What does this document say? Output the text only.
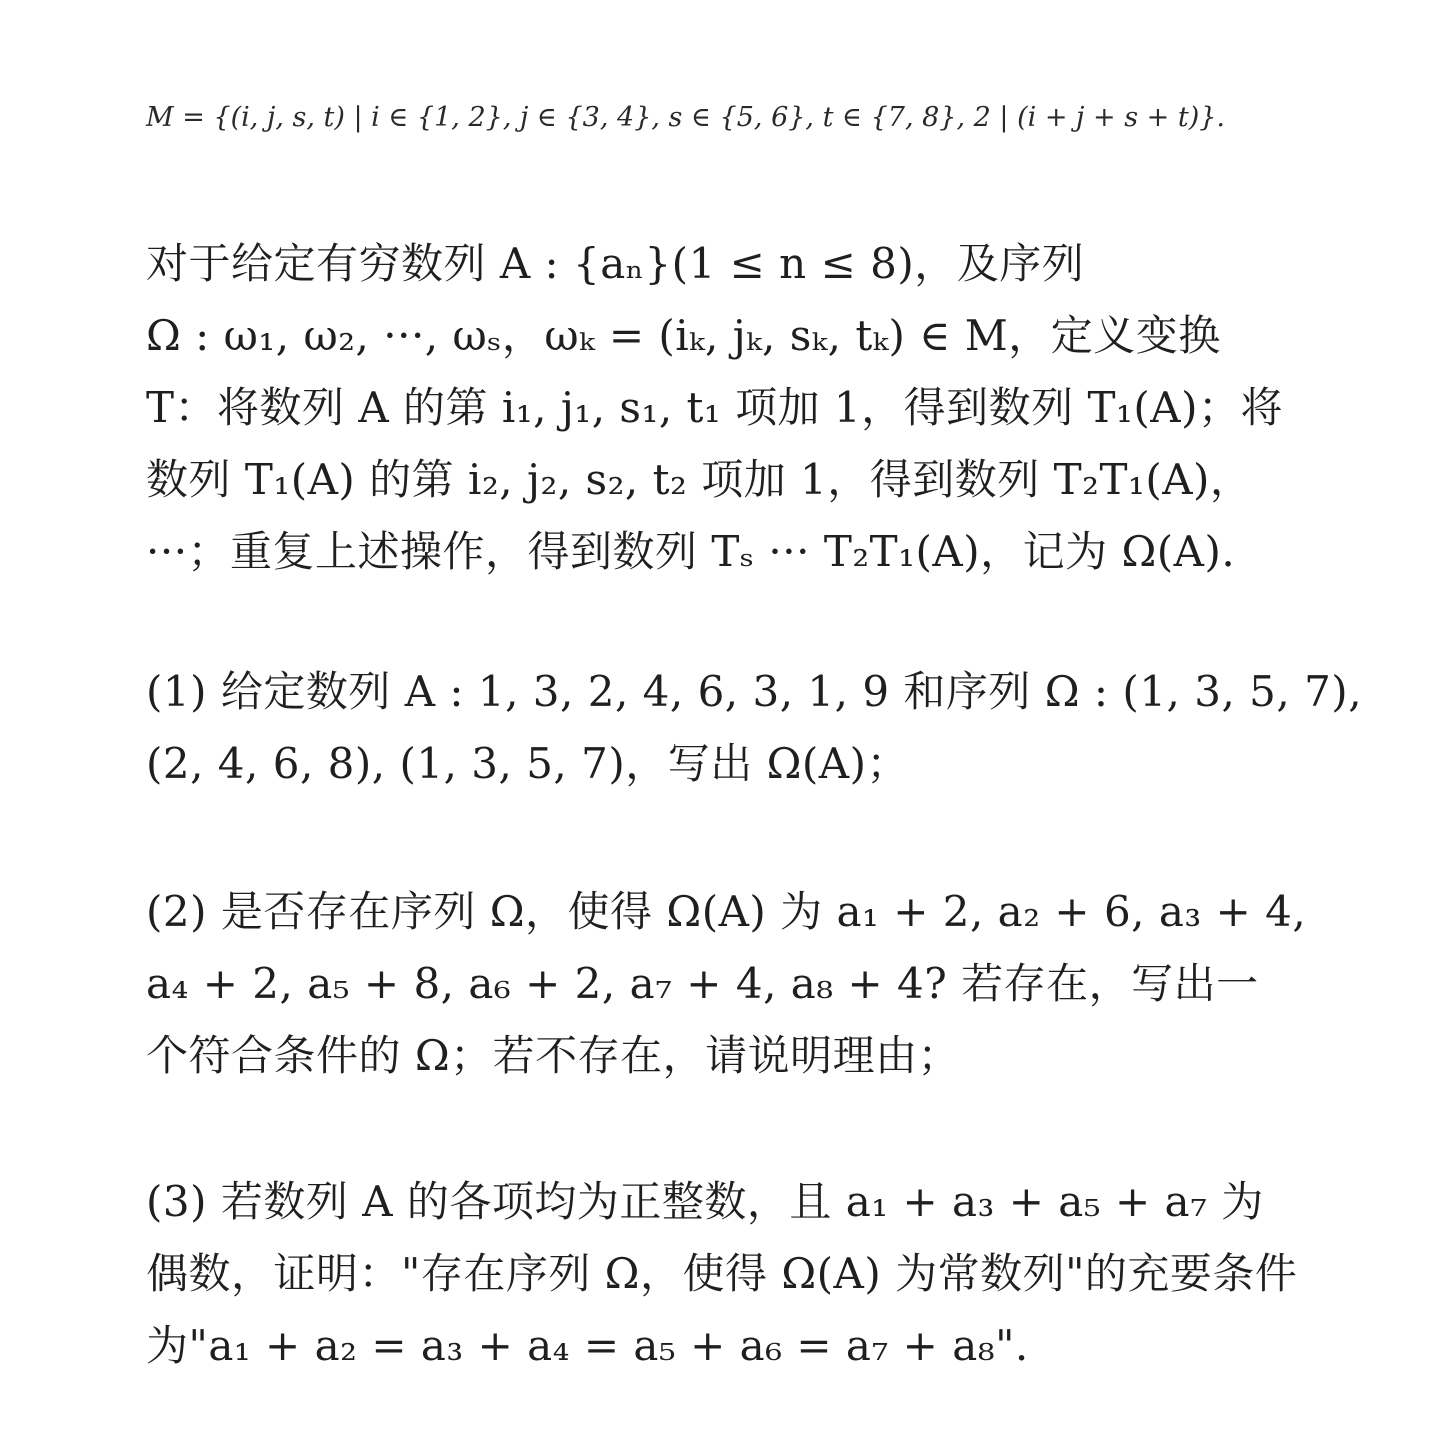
M = {(i, j, s, t) | i ∈ {1, 2}, j ∈ {3, 4}, s ∈ {5, 6}, t ∈ {7, 8}, 2 | (i + j + s + t)}.
对于给定有穷数列 A : {aₙ}(1 ≤ n ≤ 8)，及序列
Ω : ω₁, ω₂, ···, ωₛ，ωₖ = (iₖ, jₖ, sₖ, tₖ) ∈ M，定义变换
T：将数列 A 的第 i₁, j₁, s₁, t₁ 项加 1，得到数列 T₁(A)；将
数列 T₁(A) 的第 i₂, j₂, s₂, t₂ 项加 1，得到数列 T₂T₁(A)，
···；重复上述操作，得到数列 Tₛ ··· T₂T₁(A)，记为 Ω(A).
(1) 给定数列 A : 1, 3, 2, 4, 6, 3, 1, 9 和序列 Ω : (1, 3, 5, 7),
(2, 4, 6, 8), (1, 3, 5, 7)，写出 Ω(A)；
(2) 是否存在序列 Ω，使得 Ω(A) 为 a₁ + 2, a₂ + 6, a₃ + 4,
a₄ + 2, a₅ + 8, a₆ + 2, a₇ + 4, a₈ + 4? 若存在，写出一
个符合条件的 Ω；若不存在，请说明理由；
(3) 若数列 A 的各项均为正整数，且 a₁ + a₃ + a₅ + a₇ 为
偶数，证明："存在序列 Ω，使得 Ω(A) 为常数列"的充要条件
为"a₁ + a₂ = a₃ + a₄ = a₅ + a₆ = a₇ + a₈".
